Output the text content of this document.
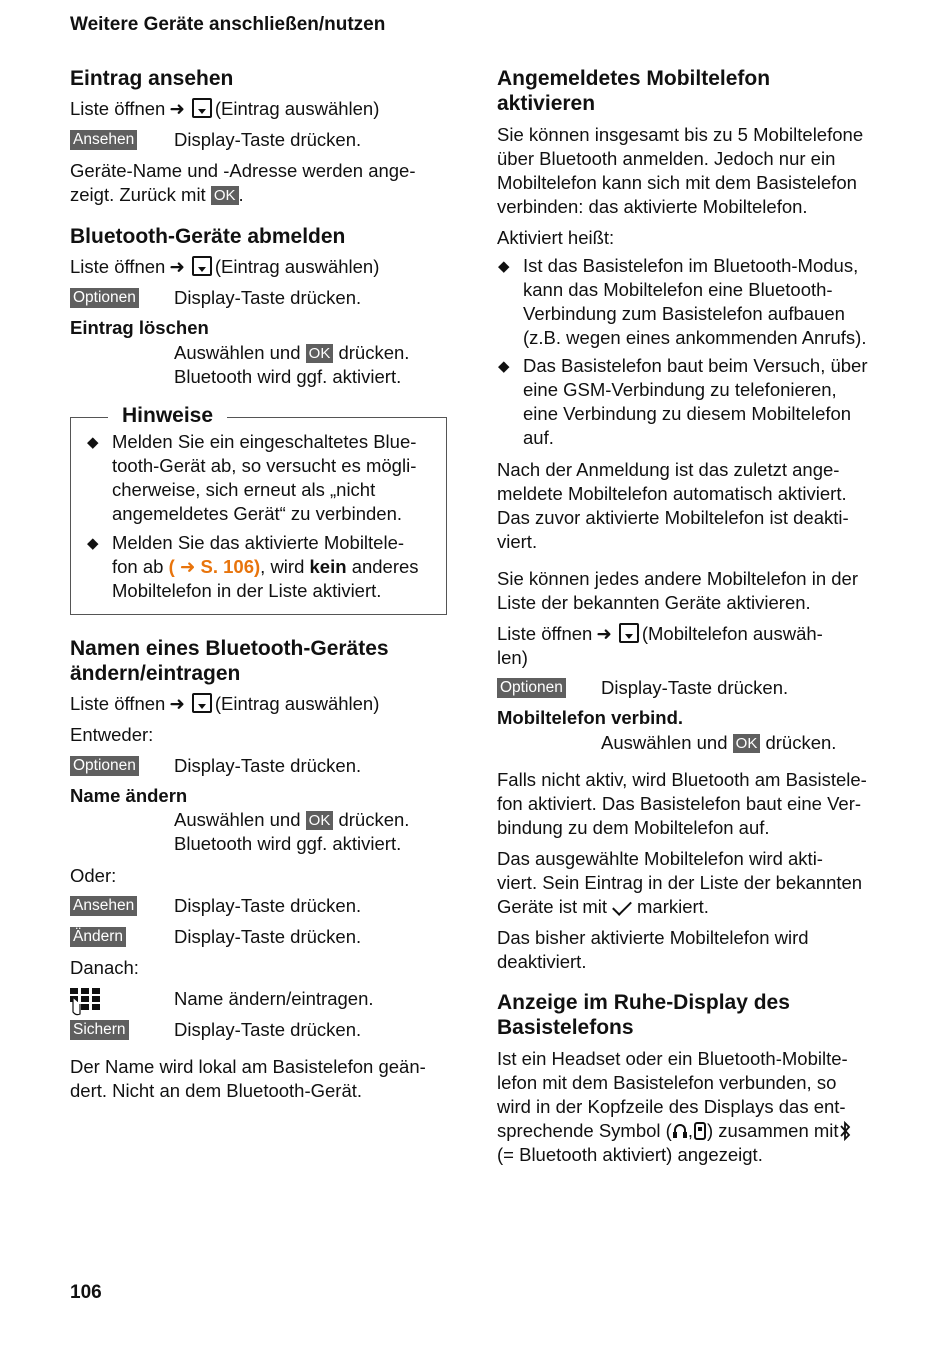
Weitere Geräte anschließen/nutzen
Eintrag ansehen
Liste öffnen ➜ (Eintrag auswählen)
Ansehen Display-Taste drücken.
Geräte-Name und -Adresse werden ange-
zeigt. Zurück mit OK .
Bluetooth-Geräte abmelden
Liste öffnen ➜ (Eintrag auswählen)
Optionen Display-Taste drücken.
Eintrag löschen
Auswählen und OK drücken.
Bluetooth wird ggf. aktiviert.
Hinweise
◆ Melden Sie ein eingeschaltetes Blue-
tooth-Gerät ab, so versucht es mögli-
cherweise, sich erneut als „nicht
angemeldetes Gerät“ zu verbinden.
◆ Melden Sie das aktivierte Mobiltele-
fon ab ( ➜ S. 106), wird kein anderes
Mobiltelefon in der Liste aktiviert.
Namen eines Bluetooth-Gerätes
ändern/eintragen
Liste öffnen ➜ (Eintrag auswählen)
Entweder:
Optionen Display-Taste drücken.
Name ändern
Auswählen und OK drücken.
Bluetooth wird ggf. aktiviert.
Oder:
Ansehen Display-Taste drücken.
Ändern	Display-Taste drücken.
Danach:
Name ändern/eintragen.
Sichern	Display-Taste drücken.
Der Name wird lokal am Basistelefon geän-
dert. Nicht an dem Bluetooth-Gerät.
Angemeldetes Mobiltelefon
aktivieren
Sie können insgesamt bis zu 5 Mobiltelefone
über Bluetooth anmelden. Jedoch nur ein
Mobiltelefon kann sich mit dem Basistelefon
verbinden: das aktivierte Mobiltelefon.
Aktiviert heißt:
◆ Ist das Basistelefon im Bluetooth-Modus,
kann das Mobiltelefon eine Bluetooth-
Verbindung zum Basistelefon aufbauen
(z.B. wegen eines ankommenden Anrufs).
◆ Das Basistelefon baut beim Versuch, über
eine GSM-Verbindung zu telefonieren,
eine Verbindung zu diesem Mobiltelefon
auf.
Nach der Anmeldung ist das zuletzt ange-
meldete Mobiltelefon automatisch aktiviert.
Das zuvor aktivierte Mobiltelefon ist deakti-
viert.
Sie können jedes andere Mobiltelefon in der
Liste der bekannten Geräte aktivieren.
Liste öffnen ➜ (Mobiltelefon auswäh-
len)
Optionen Display-Taste drücken.
Mobiltelefon verbind.
Auswählen und OK drücken.
Falls nicht aktiv, wird Bluetooth am Basistele-
fon aktiviert. Das Basistelefon baut eine Ver-
bindung zu dem Mobiltelefon auf.
Das ausgewählte Mobiltelefon wird akti-
viert. Sein Eintrag in der Liste der bekannten
Geräte ist mit markiert.
Das bisher aktivierte Mobiltelefon wird
deaktiviert.
Anzeige im Ruhe-Display des
Basistelefons
Ist ein Headset oder ein Bluetooth-Mobilte-
lefon mit dem Basistelefon verbunden, so
wird in der Kopfzeile des Displays das ent-
sprechende Symbol ( , ) zusammen mit
(= Bluetooth aktiviert) angezeigt.
106
